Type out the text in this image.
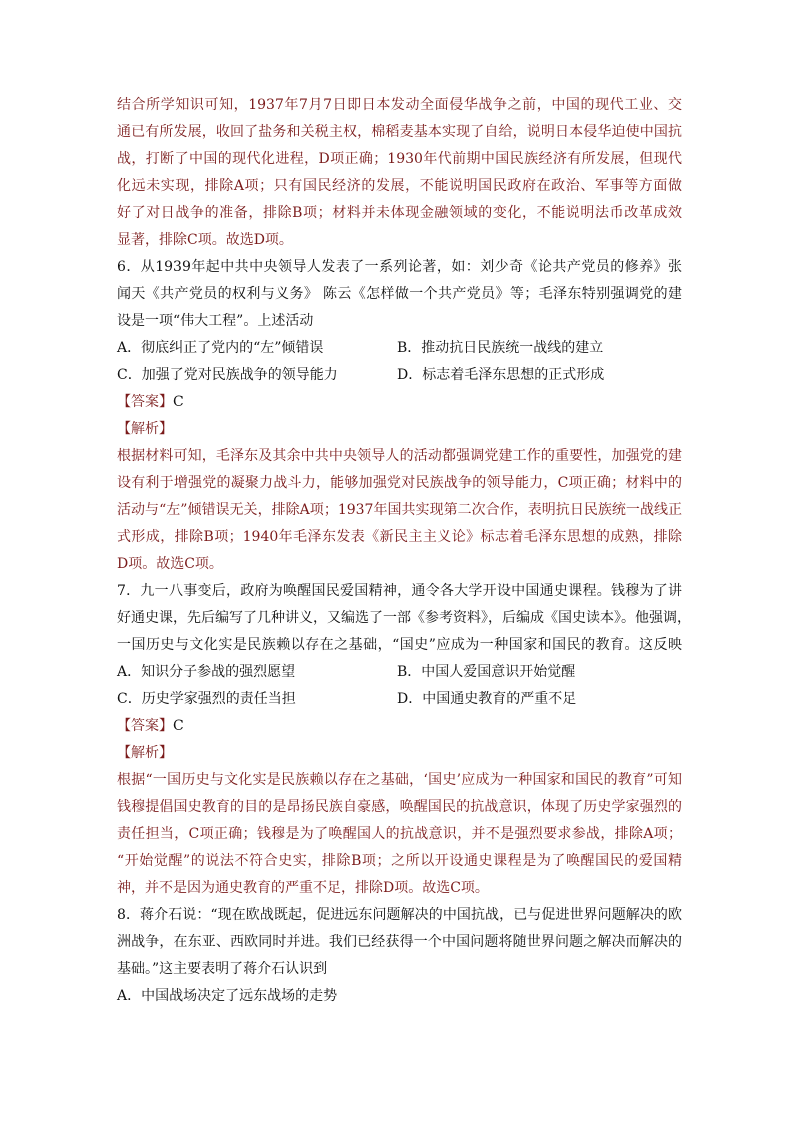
结合所学知识可知，1937年7月7日即日本发动全面侵华战争之前，中国的现代工业、交
通已有所发展，收回了盐务和关税主权，棉稻麦基本实现了自给，说明日本侵华迫使中国抗
战，打断了中国的现代化进程，D项正确；1930年代前期中国民族经济有所发展，但现代
化远未实现，排除A项；只有国民经济的发展，不能说明国民政府在政治、军事等方面做
好了对日战争的准备，排除B项；材料并未体现金融领域的变化，不能说明法币改革成效
显著，排除C项。故选D项。
6．从1939年起中共中央领导人发表了一系列论著，如：刘少奇《论共产党员的修养》张
闻天《共产党员的权利与义务》 陈云《怎样做一个共产党员》等；毛泽东特别强调党的建
设是一项“伟大工程”。上述活动
A．彻底纠正了党内的“左”倾错误	B．推动抗日民族统一战线的建立
C．加强了党对民族战争的领导能力	D．标志着毛泽东思想的正式形成
【答案】C
【解析】
根据材料可知，毛泽东及其余中共中央领导人的活动都强调党建工作的重要性，加强党的建
设有利于增强党的凝聚力战斗力，能够加强党对民族战争的领导能力，C项正确；材料中的
活动与“左”倾错误无关，排除A项；1937年国共实现第二次合作，表明抗日民族统一战线正
式形成，排除B项；1940年毛泽东发表《新民主主义论》标志着毛泽东思想的成熟，排除
D项。故选C项。
7．九一八事变后，政府为唤醒国民爱国精神，通令各大学开设中国通史课程。钱穆为了讲
好通史课，先后编写了几种讲义，又编选了一部《参考资料》，后编成《国史读本》。他强调，
一国历史与文化实是民族赖以存在之基础，“国史”应成为一种国家和国民的教育。这反映
A．知识分子参战的强烈愿望	B．中国人爱国意识开始觉醒
C．历史学家强烈的责任当担	D．中国通史教育的严重不足
【答案】C
【解析】
根据“一国历史与文化实是民族赖以存在之基础，‘国史’应成为一种国家和国民的教育”可知
钱穆提倡国史教育的目的是昂扬民族自豪感，唤醒国民的抗战意识，体现了历史学家强烈的
责任担当，C项正确；钱穆是为了唤醒国人的抗战意识，并不是强烈要求参战，排除A项；
“开始觉醒”的说法不符合史实，排除B项；之所以开设通史课程是为了唤醒国民的爱国精
神，并不是因为通史教育的严重不足，排除D项。故选C项。
8．蒋介石说：“现在欧战既起，促进远东问题解决的中国抗战，已与促进世界问题解决的欧
洲战争，在东亚、西欧同时并进。我们已经获得一个中国问题将随世界问题之解决而解决的
基础。”这主要表明了蒋介石认识到
A．中国战场决定了远东战场的走势
